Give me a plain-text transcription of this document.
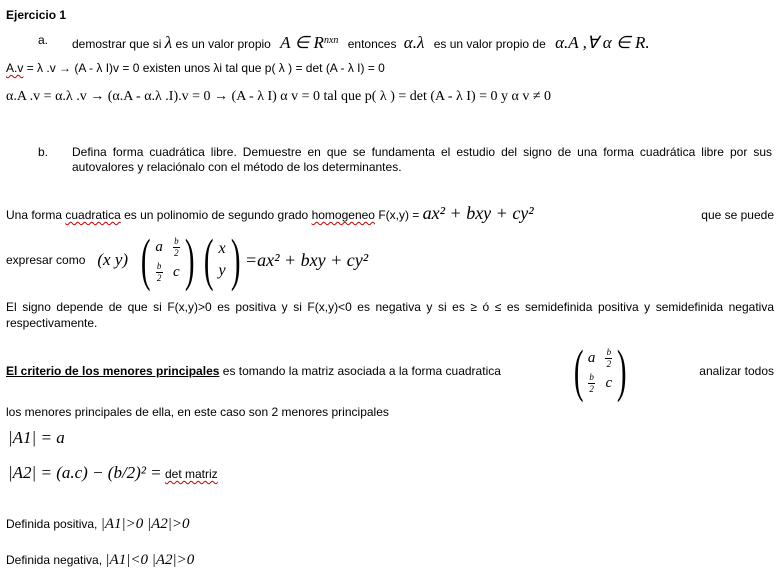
Ejercicio 1
a. demostrar que si λ es un valor propio A ∈ $R^{nxn}$ entonces α.λ es un valor propio de α.A ,∀ α ∈ R.
A.v = λ .v → (A - λ I)v = 0 existen unos λi tal que p( λ ) = det (A - λ I) = 0
α.A .v = α.λ .v → (α.A - α.λ .I).v = 0 → (A - λ I) α v = 0 tal que p( λ ) = det (A - λ I) = 0 y α v ≠ 0
b. Defina forma cuadrática libre. Demuestre en que se fundamenta el estudio del signo de una forma cuadrática libre por sus autovalores y relaciónalo con el método de los determinantes.
Una forma cuadratica es un polinomio de segundo grado homogeneo F(x,y) = ax² + bxy + cy²	que se puede
expresar como (x y) ( a $\frac{b}{2}$
$\frac{b}{2}$ c ) ( x
y ) =ax² + bxy + cy²
El signo depende de que si F(x,y)>0 es positiva y si F(x,y)<0 es negativa y si es ≥ ó ≤ es semidefinida positiva y semidefinida negativa respectivamente.
El criterio de los menores principales es tomando la matriz asociada a la forma cuadratica ( a $\frac{b}{2}$
$\frac{b}{2}$ c )	analizar todos
los menores principales de ella, en este caso son 2 menores principales
|A1| = a
|A2| = (a.c) − (b/2)² = det matriz
Definida positiva, |A1|>0 |A2|>0
Definida negativa, |A1|<0 |A2|>0
